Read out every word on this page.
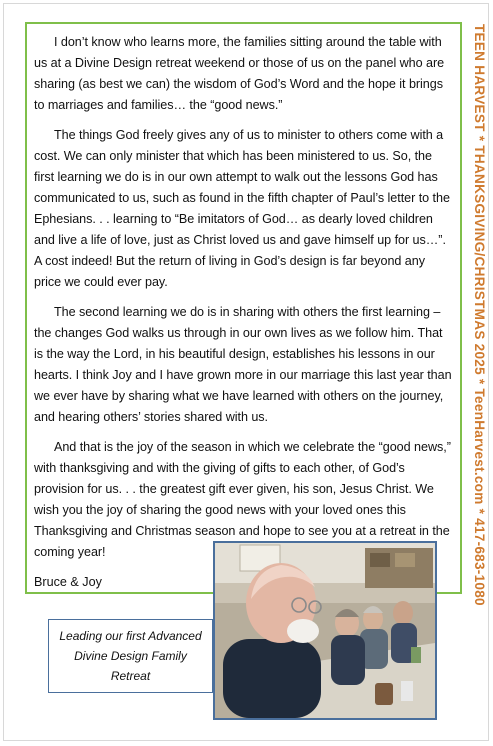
I don’t know who learns more, the families sitting around the table with us at a Divine Design retreat weekend or those of us on the panel who are sharing (as best we can) the wisdom of God’s Word and the hope it brings to marriages and families… the “good news.”

The things God freely gives any of us to minister to others come with a cost. We can only minister that which has been ministered to us. So, the first learning we do is in our own attempt to walk out the lessons God has communicated to us, such as found in the fifth chapter of Paul’s letter to the Ephesians. . . learning to “Be imitators of God… as dearly loved children and live a life of love, just as Christ loved us and gave himself up for us…”. A cost indeed! But the return of living in God’s design is far beyond any price we could ever pay.

The second learning we do is in sharing with others the first learning – the changes God walks us through in our own lives as we follow him. That is the way the Lord, in his beautiful design, establishes his lessons in our hearts. I think Joy and I have grown more in our marriage this last year than we ever have by sharing what we have learned with others on the journey, and hearing others’ stories shared with us.

And that is the joy of the season in which we celebrate the “good news,” with thanksgiving and with the giving of gifts to each other, of God’s provision for us. . . the greatest gift ever given, his son, Jesus Christ. We wish you the joy of sharing the good news with your loved ones this Thanksgiving and Christmas season and hope to see you at a retreat in the coming year!

Bruce & Joy

Leading our first Advanced Divine Design Family Retreat

TEEN HARVEST * THANKSGIVING/CHRISTMAS 2025 * TeenHarvest.com * 417-683-1080
